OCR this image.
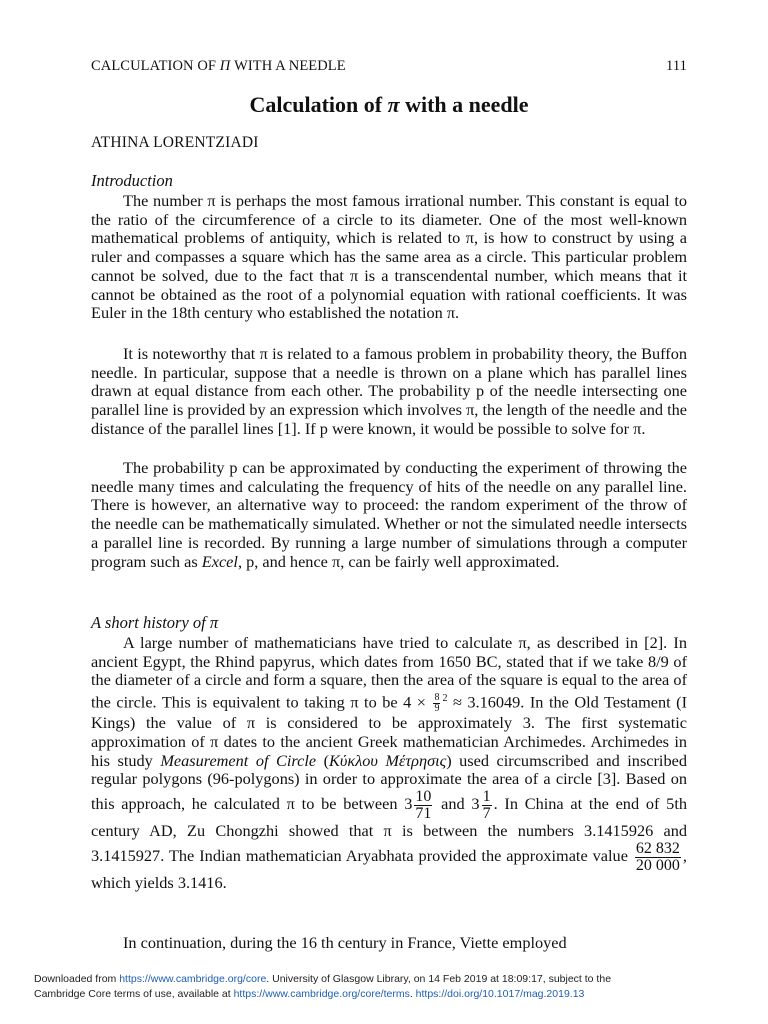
CALCULATION OF Π WITH A NEEDLE	111
Calculation of π with a needle
ATHINA LORENTZIADI
Introduction

The number π is perhaps the most famous irrational number. This constant is equal to the ratio of the circumference of a circle to its diameter. One of the most well-known mathematical problems of antiquity, which is related to π, is how to construct by using a ruler and compasses a square which has the same area as a circle. This particular problem cannot be solved, due to the fact that π is a transcendental number, which means that it cannot be obtained as the root of a polynomial equation with rational coefficients. It was Euler in the 18th century who established the notation π.

It is noteworthy that π is related to a famous problem in probability theory, the Buffon needle. In particular, suppose that a needle is thrown on a plane which has parallel lines drawn at equal distance from each other. The probability p of the needle intersecting one parallel line is provided by an expression which involves π, the length of the needle and the distance of the parallel lines [1]. If p were known, it would be possible to solve for π.

The probability p can be approximated by conducting the experiment of throwing the needle many times and calculating the frequency of hits of the needle on any parallel line. There is however, an alternative way to proceed: the random experiment of the throw of the needle can be mathematically simulated. Whether or not the simulated needle intersects a parallel line is recorded. By running a large number of simulations through a computer program such as Excel, p, and hence π, can be fairly well approximated.

A short history of π

A large number of mathematicians have tried to calculate π, as described in [2]. In ancient Egypt, the Rhind papyrus, which dates from 1650 BC, stated that if we take 8/9 of the diameter of a circle and form a square, then the area of the square is equal to the area of the circle. This is equivalent to taking π to be $4 \times \frac{8}{9} ^2 \approx 3.16049$. In the Old Testament (I Kings) the value of π is considered to be approximately 3. The first systematic approximation of π dates to the ancient Greek mathematician Archimedes. Archimedes in his study Measurement of Circle (Κύκλου Μέτρησις) used circumscribed and inscribed regular polygons (96-polygons) in order to approximate the area of a circle [3]. Based on this approach, he calculated π to be between $3 \frac{10}{71}$ and $3 \frac{1}{7}$ . In China at the end of 5th century AD, Zu Chongzhi showed that π is between the numbers 3.1415926 and 3.1415927. The Indian mathematician Aryabhata provided the approximate value $\frac{62 832}{20 000}$ , which yields 3.1416.

In continuation, during the 16 th century in France, Viette employed

Downloaded from https://www.cambridge.org/core. University of Glasgow Library, on 14 Feb 2019 at 18:09:17, subject to the
Cambridge Core terms of use, available at https://www.cambridge.org/core/terms. https://doi.org/10.1017/mag.2019.13
